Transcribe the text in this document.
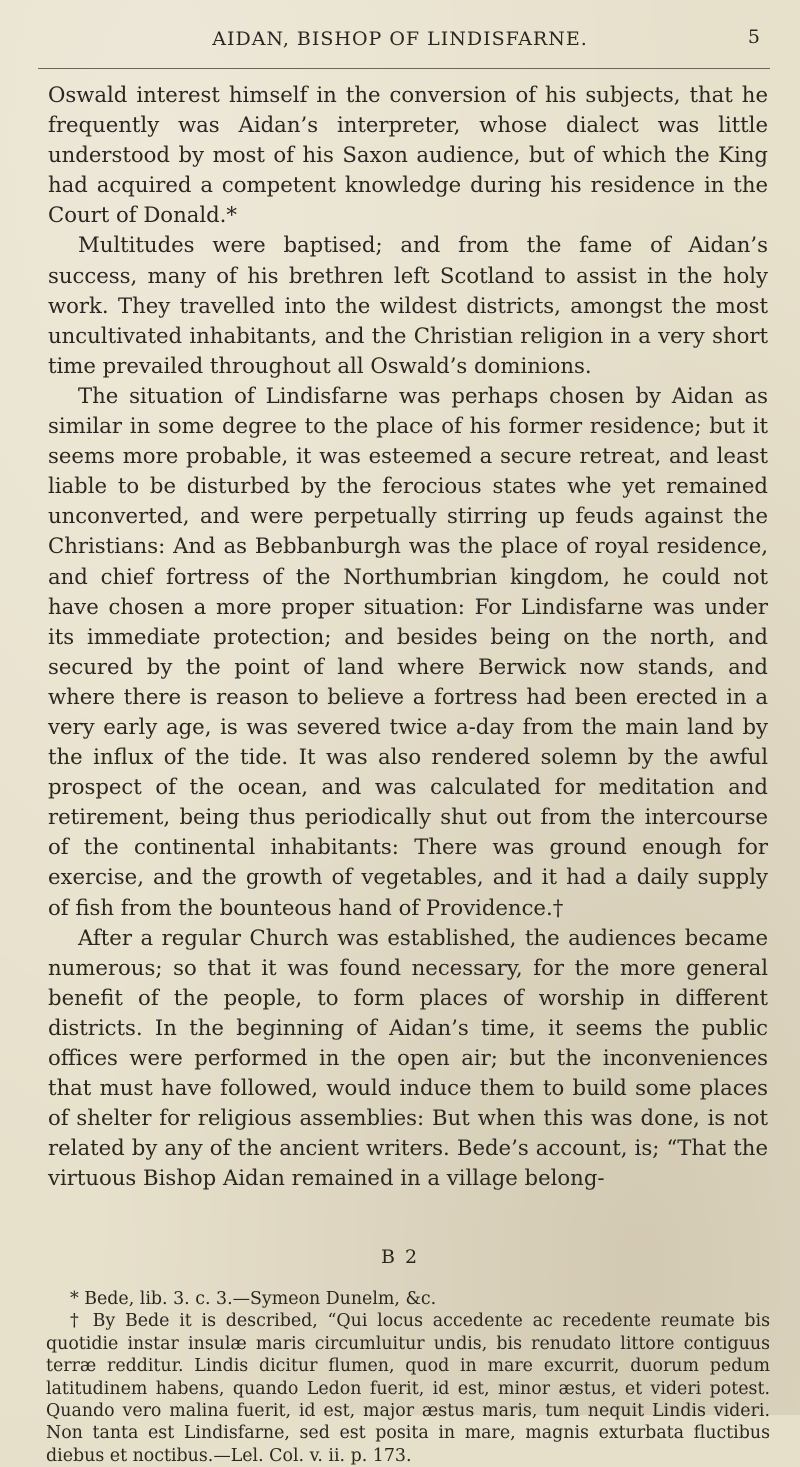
AIDAN, BISHOP OF LINDISFARNE.	5

Oswald interest himself in the conversion of his subjects, that he frequently was Aidan’s interpreter, whose dialect was little understood by most of his Saxon audience, but of which the King had acquired a competent knowledge during his residence in the Court of Donald.*

Multitudes were baptised; and from the fame of Aidan’s success, many of his brethren left Scotland to assist in the holy work. They travelled into the wildest districts, amongst the most uncultivated inhabitants, and the Christian religion in a very short time prevailed throughout all Oswald’s dominions.

The situation of Lindisfarne was perhaps chosen by Aidan as similar in some degree to the place of his former residence; but it seems more probable, it was esteemed a secure retreat, and least liable to be disturbed by the ferocious states whe yet remained unconverted, and were perpetually stirring up feuds against the Christians: And as Bebbanburgh was the place of royal residence, and chief fortress of the Northumbrian kingdom, he could not have chosen a more proper situation: For Lindisfarne was under its immediate protection; and besides being on the north, and secured by the point of land where Berwick now stands, and where there is reason to believe a fortress had been erected in a very early age, is was severed twice a-day from the main land by the influx of the tide. It was also rendered solemn by the awful prospect of the ocean, and was calculated for meditation and retirement, being thus periodically shut out from the intercourse of the continental inhabitants: There was ground enough for exercise, and the growth of vegetables, and it had a daily supply of fish from the bounteous hand of Providence.†

After a regular Church was established, the audiences became numerous; so that it was found necessary, for the more general benefit of the people, to form places of worship in different districts. In the beginning of Aidan’s time, it seems the public offices were performed in the open air; but the inconveniences that must have followed, would induce them to build some places of shelter for religious assemblies: But when this was done, is not related by any of the ancient writers. Bede’s account, is; “That the virtuous Bishop Aidan remained in a village belong-

B 2

* Bede, lib. 3. c. 3.—Symeon Dunelm, &c.

† By Bede it is described, “Qui locus accedente ac recedente reumate bis quotidie instar insulæ maris circumluitur undis, bis renudato littore contiguus terræ redditur. Lindis dicitur flumen, quod in mare excurrit, duorum pedum latitudinem habens, quando Ledon fuerit, id est, minor æstus, et videri potest. Quando vero malina fuerit, id est, major æstus maris, tum nequit Lindis videri. Non tanta est Lindisfarne, sed est posita in mare, magnis exturbata fluctibus diebus et noctibus.—Lel. Col. v. ii. p. 173.
